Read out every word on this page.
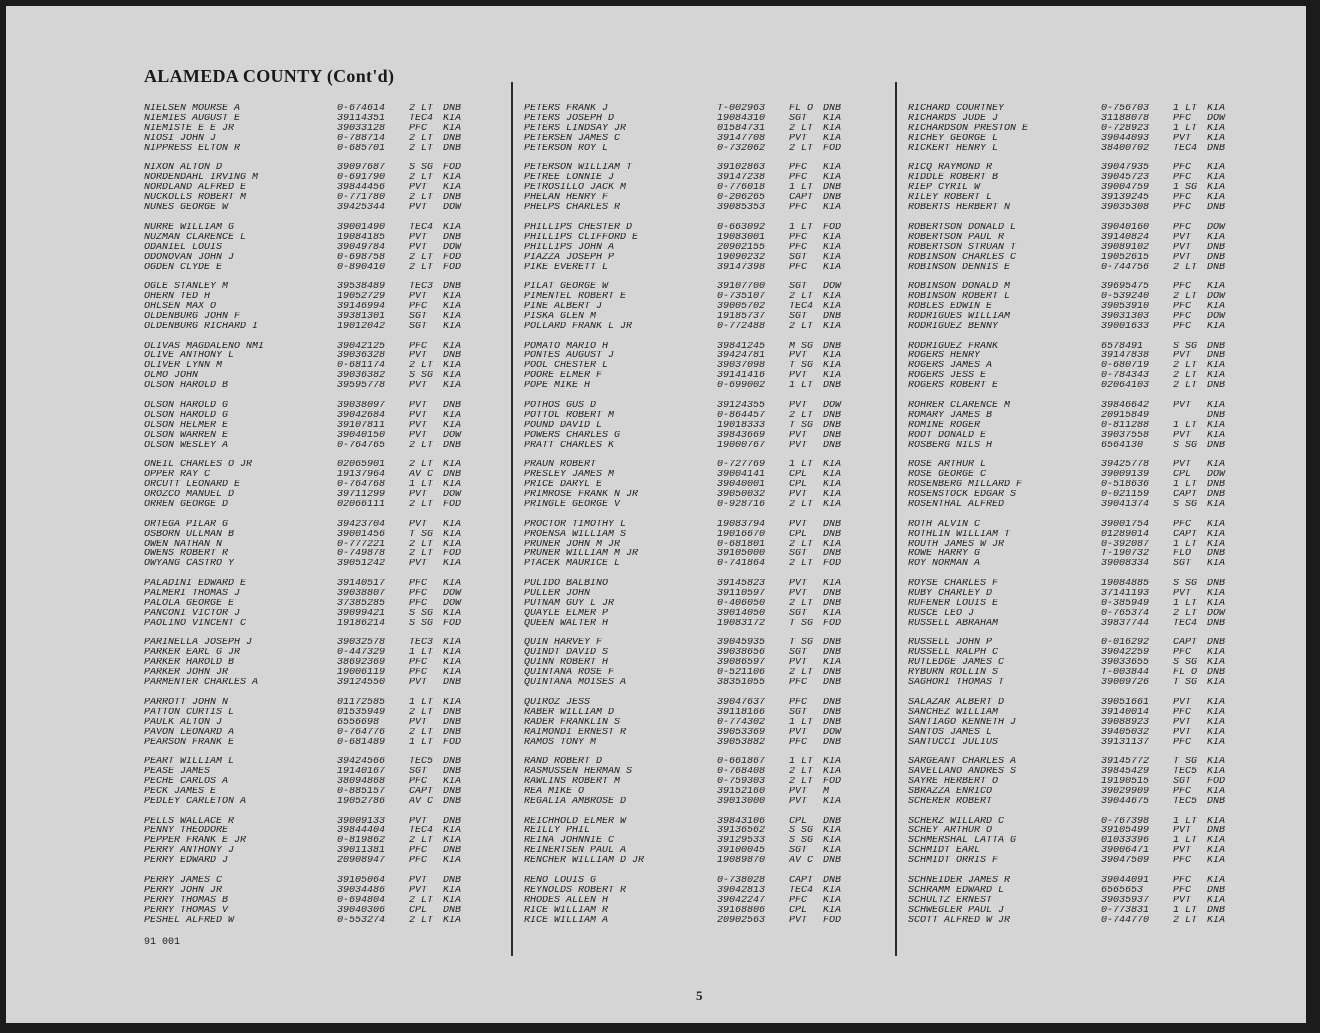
ALAMEDA COUNTY (Cont'd)
NIELSEN MOURSE A	0-674614	2 LT DNB
NIEMIES AUGUST E	39114351	TEC4 KIA
NIEMISTE E E JR	39033128	PFC	KIA
NIOSI JOHN J	0-788714	2 LT DNB
NIPPRESS ELTON R	0-685701	2 LT DNB
NIXON ALTON D	39097687	S SG FOD
NORDENDAHL IRVING M	0-691790	2 LT KIA
NORDLAND ALFRED E	39844456	PVT	KIA
NUCKOLLS ROBERT M	0-771780	2 LT DNB
NUNES GEORGE W	39425344	PVT	DOW
NURRE WILLIAM G	39001490	TEC4 KIA
NUZMAN CLARENCE L	19084185	PVT	DNB
ODANIEL LOUIS	39049784	PVT	DOW
ODONOVAN JOHN J	0-698758	2 LT FOD
OGDEN CLYDE E	0-890410	2 LT FOD
OGLE STANLEY M	39538489	TEC3 DNB
OHERN TED H	19052729	PVT	KIA
OHLSEN MAX O	39146994	PFC	KIA
OLDENBURG JOHN F	39381301	SGT	KIA
OLDENBURG RICHARD I	19012042	SGT	KIA
OLIVAS MAGDALENO NMI	39042125	PFC	KIA
OLIVE ANTHONY L	39036328	PVT	DNB
OLIVER LYNN M	0-681174	2 LT KIA
OLMO JOHN	39036382	S SG KIA
OLSON HAROLD B	39595778	PVT	KIA
OLSON HAROLD G	39038097	PVT	DNB
OLSON HAROLD G	39042684	PVT	KIA
OLSON HELMER E	39107811	PVT	KIA
OLSON WARREN E	39040150	PVT	DOW
OLSON WESLEY A	0-764765	2 LT DNB
ONEIL CHARLES O JR	02065901	2 LT KIA
OPPER RAY C	19137964	AV C DNB
ORCUTT LEONARD E	0-764768	1 LT KIA
OROZCO MANUEL D	39711299	PVT	DOW
ORREN GEORGE D	02066111	2 LT FOD
ORTEGA PILAR G	39423704	PVT	KIA
OSBORN ULLMAN B	39001456	T SG KIA
OWEN NATHAN N	0-777221	2 LT KIA
OWENS ROBERT R	0-749878	2 LT FOD
OWYANG CASTRO Y	39051242	PVT	KIA
PALADINI EDWARD E	39140517	PFC	KIA
PALMERI THOMAS J	39038807	PFC	DOW
PALOLA GEORGE E	37385285	PFC	DOW
PANCONI VICTOR J	39099421	S SG KIA
PAOLINO VINCENT C	19186214	S SG FOD
PARINELLA JOSEPH J	39032578	TEC3 KIA
PARKER EARL G JR	0-447329	1 LT KIA
PARKER HAROLD B	38692369	PFC	KIA
PARKER JOHN JR	19006119	PFC	KIA
PARMENTER CHARLES A	39124550	PVT	DNB
PARROTT JOHN N	01172585	1 LT KIA
PATTON CURTIS L	01535949	2 LT DNB
PAULK ALTON J	6556698	PVT	DNB
PAVON LEONARD A	0-764776	2 LT DNB
PEARSON FRANK E	0-681489	1 LT FOD
PEART WILLIAM L	39424566	TEC5 DNB
PEASE JAMES	19140167	SGT	DNB
PECHE CARLOS A	38094868	PFC	KIA
PECK JAMES E	0-885157	CAPT DNB
PEDLEY CARLETON A	19052786	AV C DNB
PELLS WALLACE R	39009133	PVT	DNB
PENNY THEODORE	39844404	TEC4 KIA
PEPPER FRANK E JR	0-819862	2 LT KIA
PERRY ANTHONY J	39011381	PFC	DNB
PERRY EDWARD J	20908947	PFC	KIA
PERRY JAMES C	39105064	PVT	DNB
PERRY JOHN JR	39034486	PVT	KIA
PERRY THOMAS B	0-694804	2 LT KIA
PERRY THOMAS V	39040306	CPL	DNB
PESHEL ALFRED W	0-553274	2 LT KIA
PETERS FRANK J	T-002963	FL O DNB
PETERS JOSEPH D	19084310	SGT	KIA
PETERS LINDSAY JR	01584731	2 LT KIA
PETERSEN JAMES C	39147708	PVT	KIA
PETERSON ROY L	0-732062	2 LT FOD
PETERSON WILLIAM T	39102863	PFC	KIA
PETREE LONNIE J	39147238	PFC	KIA
PETROSILLO JACK M	0-776018	1 LT DNB
PHELAN HENRY F	0-206265	CAPT DNB
PHELPS CHARLES R	39085353	PFC	KIA
PHILLIPS CHESTER D	0-663092	1 LT FOD
PHILLIPS CLIFFORD E	19083001	PFC	KIA
PHILLIPS JOHN A	20902155	PFC	KIA
PIAZZA JOSEPH P	19090232	SGT	KIA
PIKE EVERETT L	39147398	PFC	KIA
PILAT GEORGE W	39107700	SGT	DOW
PIMENTEL ROBERT E	0-735107	2 LT KIA
PINE ALBERT J	39005702	TEC4 KIA
PISKA GLEN M	19185737	SGT	DNB
POLLARD FRANK L JR	0-772488	2 LT KIA
POMATO MARIO H	39841245	M SG DNB
PONTES AUGUST J	39424781	PVT	KIA
POOL CHESTER L	39037098	T SG KIA
POORE ELMER F	39141416	PVT	KIA
POPE MIKE H	0-699002	1 LT DNB
POTHOS GUS D	39124355	PVT	DOW
POTTOL ROBERT M	0-864457	2 LT DNB
POUND DAVID L	19018333	T SG DNB
POWERS CHARLES G	39843669	PVT	DNB
PRATT CHARLES K	19000767	PVT	DNB
PRAUN ROBERT	0-727769	1 LT KIA
PRESLEY JAMES M	39004141	CPL	KIA
PRICE DARYL E	39040001	CPL	KIA
PRIMROSE FRANK N JR	39050032	PVT	KIA
PRINGLE GEORGE V	0-928716	2 LT KIA
PROCTOR TIMOTHY L	19083794	PVT	DNB
PROENSA WILLIAM S	19016670	CPL	DNB
PRUNER JOHN M JR	0-681801	2 LT KIA
PRUNER WILLIAM M JR	39105000	SGT	DNB
PTACEK MAURICE L	0-741864	2 LT FOD
PULIDO BALBINO	39145823	PVT	KIA
PULLER JOHN	39110597	PVT	DNB
PUTNAM GUY L JR	0-406050	2 LT DNB
QUAYLE ELMER P	39014050	SGT	KIA
QUEEN WALTER H	19083172	T SG FOD
QUIN HARVEY F	39045935	T SG DNB
QUINDT DAVID S	39038656	SGT	DNB
QUINN ROBERT H	39086597	PVT	KIA
QUINTANA ROSE F	0-521106	2 LT DNB
QUINTANA MOISES A	38351055	PFC	DNB
QUIROZ JESS	39047637	PFC	DNB
RABER WILLIAM D	39118166	SGT	DNB
RADER FRANKLIN S	0-774302	1 LT DNB
RAIMONDI ERNEST R	39053369	PVT	DOW
RAMOS TONY M	39053882	PFC	DNB
RAND ROBERT D	0-661867	1 LT KIA
RASMUSSEN HERMAN S	0-768408	2 LT KIA
RAWLINS ROBERT M	0-759303	2 LT FOD
REA MIKE O	39152160	PVT	M
REGALIA AMBROSE D	39013000	PVT	KIA
REICHHOLD ELMER W	39843106	CPL	DNB
REILLY PHIL	39136562	S SG KIA
REINA JOHNNIE C	39129533	S SG KIA
REINERTSEN PAUL A	39100045	SGT	KIA
RENCHER WILLIAM D JR	19089870	AV C DNB
RENO LOUIS G	0-738028	CAPT DNB
REYNOLDS ROBERT R	39042813	TEC4 KIA
RHODES ALLEN H	39042247	PFC	KIA
RICE WILLIAM R	39168806	CPL	KIA
RICE WILLIAM A	20902563	PVT	FOD
RICHARD COURTNEY	0-756703	1 LT KIA
RICHARDS JUDE J	31188078	PFC	DOW
RICHARDSON PRESTON E	0-728923	1 LT KIA
RICHEY GEORGE L	39044093	PVT	KIA
RICKERT HENRY L	38400702	TEC4 DNB
RICQ RAYMOND R	39047935	PFC	KIA
RIDDLE ROBERT B	39045723	PFC	KIA
RIEP CYRIL W	39004759	1 SG KIA
RILEY ROBERT L	39139245	PFC	KIA
ROBERTS HERBERT N	39035308	PFC	DNB
ROBERTSON DONALD L	39040160	PFC	DOW
ROBERTSON PAUL R	39140824	PVT	KIA
ROBERTSON STRUAN T	39089102	PVT	DNB
ROBINSON CHARLES C	19052615	PVT	DNB
ROBINSON DENNIS E	0-744756	2 LT DNB
ROBINSON DONALD M	39695475	PFC	KIA
ROBINSON ROBERT L	0-539240	2 LT DOW
ROBLES EDWIN E	39053910	PFC	KIA
RODRIGUES WILLIAM	39031303	PFC	DOW
RODRIGUEZ BENNY	39001633	PFC	KIA
RODRIGUEZ FRANK	6578491	S SG DNB
ROGERS HENRY	39147838	PVT	DNB
ROGERS JAMES A	0-680719	2 LT KIA
ROGERS JESS E	0-784343	2 LT KIA
ROGERS ROBERT E	02064103	2 LT DNB
ROHRER CLARENCE M	39846642	PVT	KIA
ROMARY JAMES B	20915849	DNB
ROMINE ROGER	0-811288	1 LT KIA
ROOT DONALD E	39037558	PVT	KIA
ROSBERG NILS H	6564130	S SG DNB
ROSE ARTHUR L	39425778	PVT	KIA
ROSE GEORGE C	39009139	CPL	DOW
ROSENBERG MILLARD F	0-518636	1 LT DNB
ROSENSTOCK EDGAR S	0-021159	CAPT DNB
ROSENTHAL ALFRED	39041374	S SG KIA
ROTH ALVIN C	39001754	PFC	KIA
ROTHLIN WILLIAM T	01289014	CAPT KIA
ROUTH JAMES W JR	0-392087	1 LT KIA
ROWE HARRY G	T-190732	FLO	DNB
ROY NORMAN A	39008334	SGT	KIA
ROYSE CHARLES F	19084885	S SG DNB
RUBY CHARLEY D	37141193	PVT	KIA
RUFENER LOUIS E	0-385949	1 LT KIA
RUSCE LEO J	0-765374	2 LT DOW
RUSSELL ABRAHAM	39837744	TEC4 DNB
RUSSELL JOHN P	0-016292	CAPT DNB
RUSSELL RALPH C	39042259	PFC	KIA
RUTLEDGE JAMES C	39033655	S SG KIA
RYBURN ROLLIN S	T-003844	FL O DNB
SAGHORI THOMAS T	39009726	T SG KIA
SALAZAR ALBERT D	39051661	PVT	KIA
SANCHEZ WILLIAM	39140014	PFC	KIA
SANTIAGO KENNETH J	39088923	PVT	KIA
SANTOS JAMES L	39405032	PVT	KIA
SANTUCCI JULIUS	39131137	PFC	KIA
SARGEANT CHARLES A	39145772	T SG KIA
SAVELLANO ANDRES S	39845429	TEC5 KIA
SAYRE HERBERT O	19190515	SGT	FOD
SBRAZZA ENRICO	39029909	PFC	KIA
SCHERER ROBERT	39044675	TEC5 DNB
SCHERZ WILLARD C	0-767398	1 LT KIA
SCHEY ARTHUR O	39105499	PVT	DNB
SCHMERSHAL LATTA G	01033396	1 LT KIA
SCHMIDT EARL	39006471	PVT	KIA
SCHMIDT ORRIS F	39047509	PFC	KIA
SCHNEIDER JAMES R	39044091	PFC	KIA
SCHRAMM EDWARD L	6565653	PFC	DNB
SCHULTZ ERNEST	39035937	PVT	KIA
SCHWEGLER PAUL J	0-773831	1 LT DNB
SCOTT ALFRED W JR	0-744770	2 LT KIA
91 001
5
